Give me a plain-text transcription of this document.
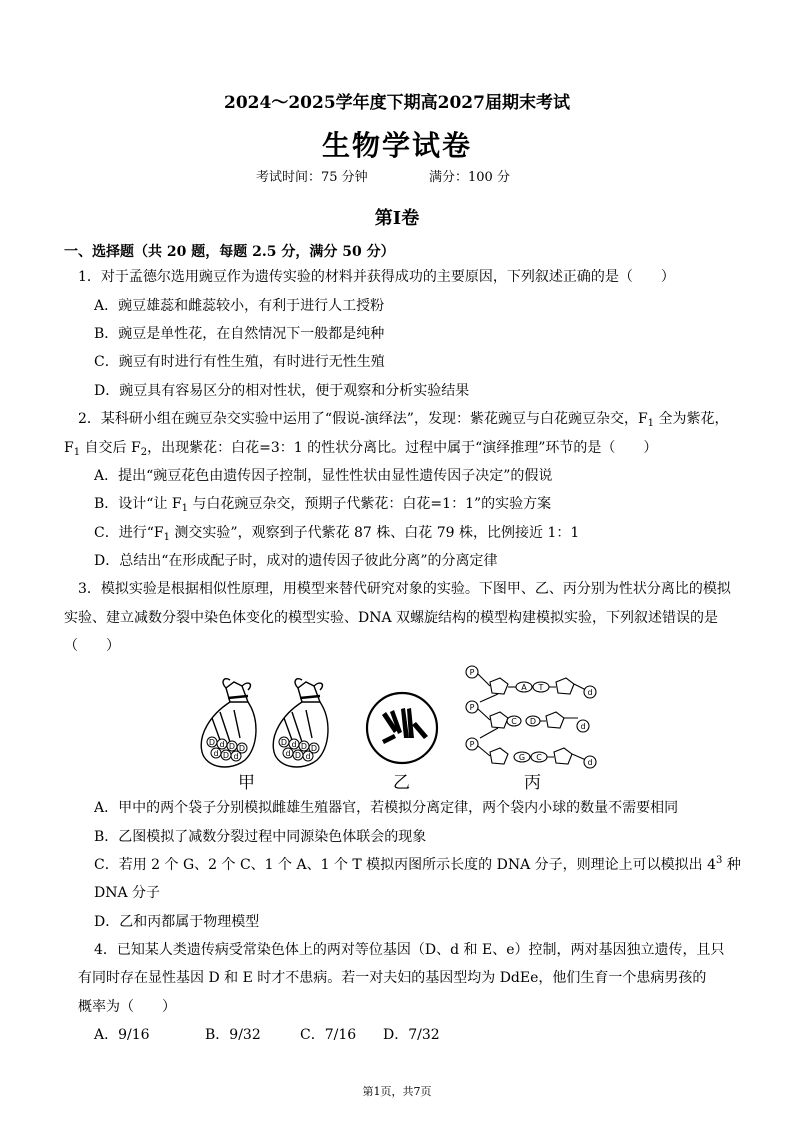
2024～2025学年度下期高2027届期末考试
生物学试卷
考试时间：75 分钟	满分：100 分
第Ⅰ卷
一、选择题（共 20 题，每题 2.5 分，满分 50 分）
1．对于孟德尔选用豌豆作为遗传实验的材料并获得成功的主要原因，下列叙述正确的是（　　）
A．豌豆雄蕊和雌蕊较小，有利于进行人工授粉
B．豌豆是单性花，在自然情况下一般都是纯种
C．豌豆有时进行有性生殖，有时进行无性生殖
D．豌豆具有容易区分的相对性状，便于观察和分析实验结果
2．某科研小组在豌豆杂交实验中运用了“假说-演绎法”，发现：紫花豌豆与白花豌豆杂交，$F_1$ 全为紫花，
$F_1$ 自交后 $F_2$，出现紫花：白花=3：1 的性状分离比。过程中属于“演绎推理”环节的是（　　）
A．提出“豌豆花色由遗传因子控制，显性性状由显性遗传因子决定”的假说
B．设计“让 $F_1$ 与白花豌豆杂交，预期子代紫花：白花=1：1”的实验方案
C．进行“$F_1$ 测交实验”，观察到子代紫花 87 株、白花 79 株，比例接近 1：1
D．总结出“在形成配子时，成对的遗传因子彼此分离”的分离定律
3．模拟实验是根据相似性原理，用模型来替代研究对象的实验。下图甲、乙、丙分别为性状分离比的模拟
实验、建立减数分裂中染色体变化的模型实验、DNA 双螺旋结构的模型构建模拟实验，下列叙述错误的是
（　　）
D d D
d D d
D
D d D
d D d
D
P
P
P
A T
C D
G C
d
d
d
甲	乙	丙
A．甲中的两个袋子分别模拟雌雄生殖器官，若模拟分离定律，两个袋内小球的数量不需要相同
B．乙图模拟了减数分裂过程中同源染色体联会的现象
C．若用 2 个 G、2 个 C、1 个 A、1 个 T 模拟丙图所示长度的 DNA 分子，则理论上可以模拟出 $4^3$ 种
DNA 分子
D．乙和丙都属于物理模型
4．已知某人类遗传病受常染色体上的两对等位基因（D、d 和 E、e）控制，两对基因独立遗传，且只
有同时存在显性基因 D 和 E 时才不患病。若一对夫妇的基因型均为 DdEe，他们生育一个患病男孩的
概率为（　　）
A．9/16	B．9/32	C．7/16 D．7/32
第1页，共7页
